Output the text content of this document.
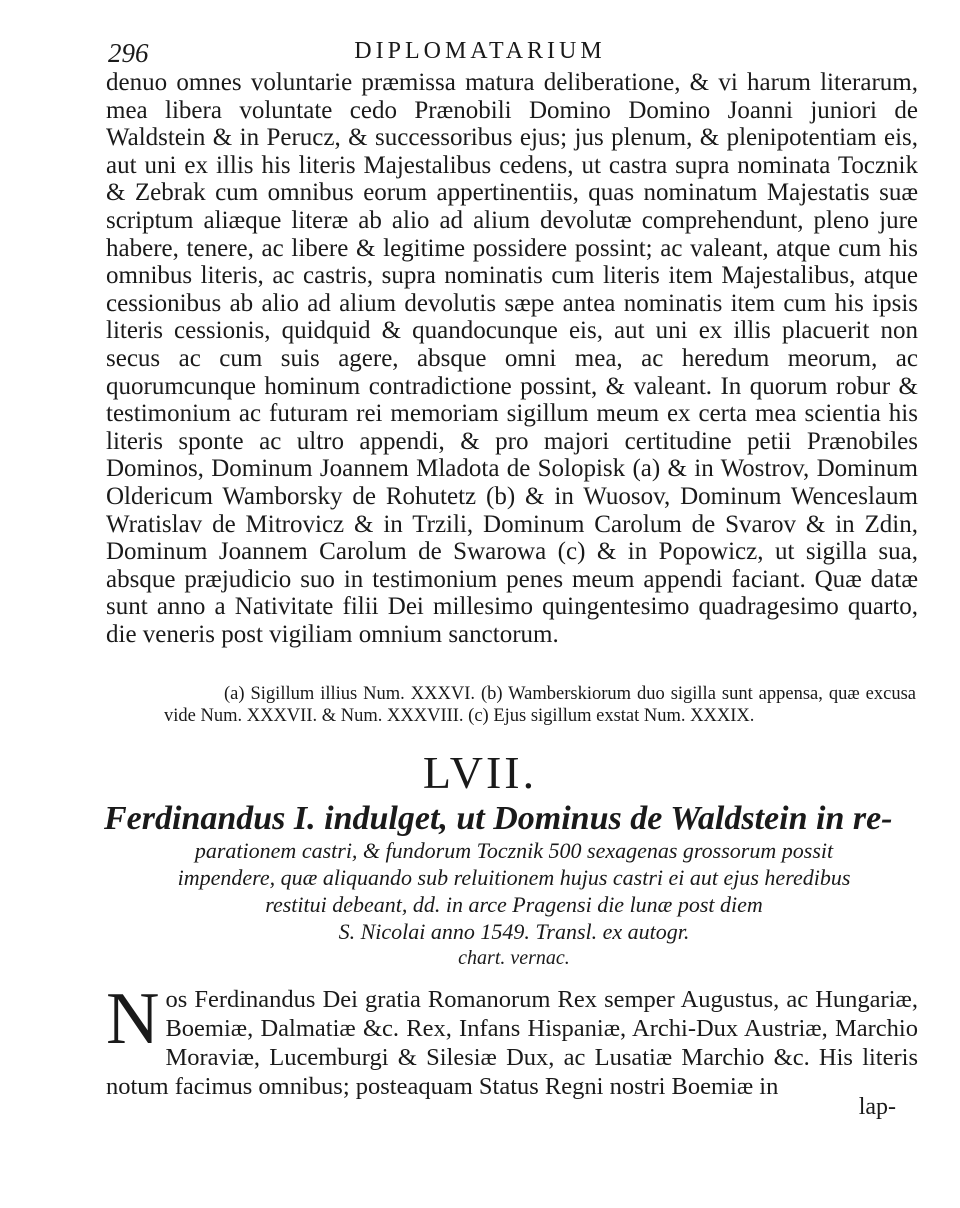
296	DIPLOMATARIUM

denuo omnes voluntarie præmissa matura deliberatione, & vi harum literarum, mea libera voluntate cedo Prænobili Domino Domino Joanni juniori de Waldstein & in Perucz, & successoribus ejus; jus plenum, & plenipotentiam eis, aut uni ex illis his literis Majestalibus cedens, ut castra supra nominata Tocznik & Zebrak cum omnibus eorum appertinentiis, quas nominatum Majestatis suæ scriptum aliæque literæ ab alio ad alium devolutæ comprehendunt, pleno jure habere, tenere, ac libere & legitime possidere possint; ac valeant, atque cum his omnibus literis, ac castris, supra nominatis cum literis item Majestalibus, atque cessionibus ab alio ad alium devolutis sæpe antea nominatis item cum his ipsis literis cessionis, quidquid & quandocunque eis, aut uni ex illis placuerit non secus ac cum suis agere, absque omni mea, ac heredum meorum, ac quorumcunque hominum contradictione possint, & valeant. In quorum robur & testimonium ac futuram rei memoriam sigillum meum ex certa mea scientia his literis sponte ac ultro appendi, & pro majori certitudine petii Prænobiles Dominos, Dominum Joannem Mladota de Solopisk (a) & in Wostrov, Dominum Oldericum Wamborsky de Rohutetz (b) & in Wuosov, Dominum Wenceslaum Wratislav de Mitrovicz & in Trzili, Dominum Carolum de Svarov & in Zdin, Dominum Joannem Carolum de Swarowa (c) & in Popowicz, ut sigilla sua, absque præjudicio suo in testimonium penes meum appendi faciant. Quæ datæ sunt anno a Nativitate filii Dei millesimo quingentesimo quadragesimo quarto, die veneris post vigiliam omnium sanctorum.

(a) Sigillum illius Num. XXXVI. (b) Wamberskiorum duo sigilla sunt appensa, quæ excusa vide Num. XXXVII. & Num. XXXVIII. (c) Ejus sigillum exstat Num. XXXIX.

LVII.
Ferdinandus I. indulget, ut Dominus de Waldstein in re-
parationem castri, & fundorum Tocznik 500 sexagenas grossorum possit
impendere, quæ aliquando sub reluitionem hujus castri ei aut ejus heredibus
restitui debeant, dd. in arce Pragensi die lunæ post diem
S. Nicolai anno 1549. Transl. ex autogr.
chart. vernac.
N os Ferdinandus Dei gratia Romanorum Rex semper Augustus, ac Hungariæ, Boemiæ, Dalmatiæ &c. Rex, Infans Hispaniæ, Archi-Dux Austriæ, Marchio Moraviæ, Lucemburgi & Silesiæ Dux, ac Lusatiæ Marchio &c. His literis notum facimus omnibus; posteaquam Status Regni nostri Boemiæ in

lap-
